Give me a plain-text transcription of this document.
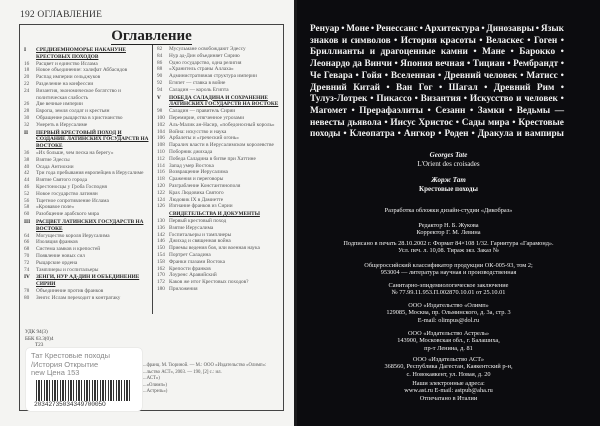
192 ОГЛАВЛЕНИЕ
Оглавление
I	СРЕДИЗЕМНОМОРЬЕ НАКАНУНЕ КРЕСТОВЫХ ПОХОДОВ
16	Расцвет и единство Ислама
18	Новое объединение: халифат Аббасидов
20	Распад империи сельджуков
22	Разделение на конфессии
24	Византия, экономическое богатство и политическая слабость
26	Две вечные империи
28	Европа, земля солдат и крестьян
30	Обращение рыцарства в христианство
32	Умереть в Иерусалиме
II	ПЕРВЫЙ КРЕСТОВЫЙ ПОХОД И СОЗДАНИЕ ЛАТИНСКИХ ГОСУДАРСТВ НА ВОСТОКЕ
36	«Их больше, чем песка на берегу»
38	Взятие Эдессы
40	Осада Антиохии
42	Три года пребывания европейцев в Иерусалиме
44	Взятие Святого города
46	Крестоносцы у Гроба Господня
52	Новое государство латинян
56	Тщетное сопротивление Ислама
58	«Кровавое поле»
60	Разобщение арабского мира
III	РАСЦВЕТ ЛАТИНСКИХ ГОСУДАРСТВ НА ВОСТОКЕ
64	Могущество короля Иерусалима
66	Изоляция франков
68	Система замков и крепостей
70	Появление новых сил
72	Рыцарские ордена
74	Тамплиеры и госпитальеры
IV	ЗЕНГИ, НУР АД-ДИН И ОБЪЕДИНЕНИЕ СИРИИ
78	Объединение против франков
80	Зенги: Ислам переходит в контратаку
82	Мусульмане освобождают Эдессу
84	Нур ад-Дин объединяет Сирию
86	Одно государство, одна религия
88	«Хранитель страны Аллаха»
90	Административная структура империи
92	Египет — ставка в войне
94	Саладин — король Египта
V	ПОБЕДА САЛАДИНА И СОХРАНЕНИЕ ЛАТИНСКИХ ГОСУДАРСТВ НА ВОСТОКЕ
98	Саладин — правитель Сирии
100 Перемирие, отягченное угрозами
102 Аль-Малик ан-Насир, «победоносный король»
104 Война: искусство и наука
106 Арбалеты и «греческий огонь»
108 Паралич власти в Иерусалимском королевстве
110 Поборник джихада
112 Победа Саладина в битве при Хаттине
114 Запад умер Востока
116 Возвращение Иерусалима
118 Сражения и переговоры
120 Разграбление Константинополя
122 Крах Людовика Святого
124 Людовик IX в Дамиетте
126 Изгнание франков из Сирии
СВИДЕТЕЛЬСТВА И ДОКУМЕНТЫ
130 Первый крестовый поход
136 Взятие Иерусалима
142 Госпитальеры и тамплиеры
146 Джихад и священная война
150 Приемы ведения боя, или военная наука
154 Портрет Саладина
158 Франки глазами Востока
162 Крепости франков
170 Лоуренс Аравийский
172 Каков же итог Крестовых походов?
180 Приложения
УДК 94(3)
ББК 63.3(0)4
Т23
...франц. М. Тюриной. — М.: ООО «Издательство «Олимп»:
...льство АСТ», 2003. — 190, [2] с.: ил.
...АСТ»)
...«Олимп»)
...Астрель»)
Тат Крестовые походы
/История Открытие
new Цена 153
2034273503434970005O
Ренуар • Моне • Ренессанс • Архитектура • Динозавры • Язык
знаков и символов • История красоты • Веласкес • Гоген •
Бриллианты и драгоценные камни • Мане • Барокко •
Леонардо да Винчи • Япония вечная • Тициан • Рембрандт •
Че Гевара • Гойя • Вселенная • Древний человек • Матисс •
Древний Китай • Ван Гог • Шагал • Древний Рим •
Тулуз-Лотрек • Пикассо • Византия • Искусство и человек •
Магомет • Прерафаэлиты • Сезанн • Замки • Ведьмы —
невесты дьявола • Иисус Христос • Сады мира • Крестовые
походы • Клеопатра • Ангкор • Роден • Дракула и вампиры
Georges Tate
L'Orient des croisades
Жорж Тат
Крестовые походы
Разработка обложки дизайн-студии «Дикобраз»
Редактор Н. Б. Жукова
Корректор Г. М. Левина
Подписано в печать 28.10.2002 г. Формат 84×108 1/32. Гарнитура «Гарамонд».
Усл. печ. л. 10,08. Тираж экз. Заказ №
Общероссийский классификатор продукции ОК-005-93, том 2;
953004 — литература научная и производственная
Санитарно-эпидемиологическое заключение
№ 77.99.11.953.П.002870.10.01 от 25.10.01
ООО «Издательство «Олимп»
129085, Москва, пр. Ольминского, д. 3а, стр. 3
E-mail: olimpus@dol.ru
ООО «Издательство Астрель»
143900, Московская обл., г. Балашиха,
пр-т Ленина, д. 81
ООО «Издательство АСТ»
368560, Республика Дагестан, Каякентский р-н,
с. Новокаякент, ул. Новая, д. 20
Наши электронные адреса:
www.ast.ru E-mail: astpub@aha.ru
Отпечатано в Италии
